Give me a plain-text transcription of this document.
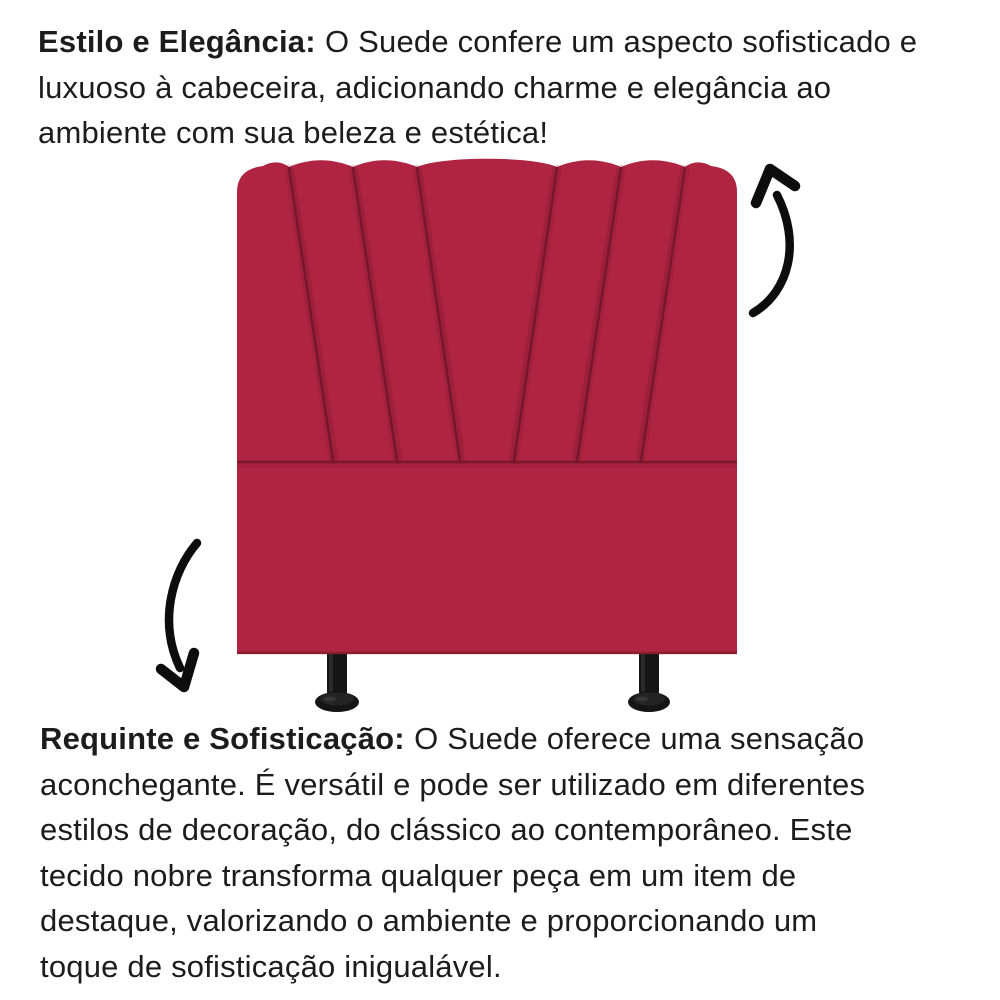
Estilo e Elegância: O Suede confere um aspecto sofisticado e

luxuoso à cabeceira, adicionando charme e elegância ao

ambiente com sua beleza e estética!

Requinte e Sofisticação: O Suede oferece uma sensação

aconchegante. É versátil e pode ser utilizado em diferentes

estilos de decoração, do clássico ao contemporâneo. Este

tecido nobre transforma qualquer peça em um item de

destaque, valorizando o ambiente e proporcionando um

toque de sofisticação inigualável.
